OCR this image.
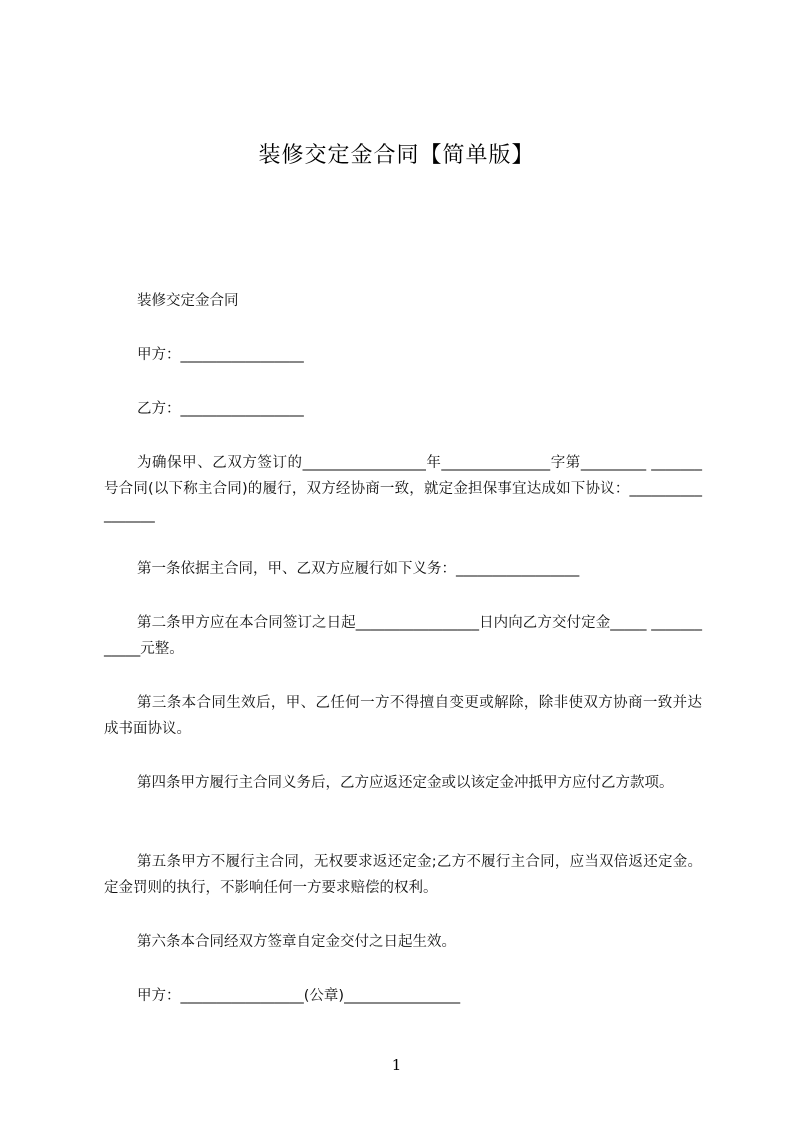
装修交定金合同【简单版】
装修交定金合同
甲方：_________________
乙方：_________________
为确保甲、乙双方签订的_________________年_______________字第_________ _______号合同(以下称主合同)的履行，双方经协商一致，就定金担保事宜达成如下协议：_________________
第一条依据主合同，甲、乙双方应履行如下义务：_________________
第二条甲方应在本合同签订之日起_________________日内向乙方交付定金_____ ____________元整。
第三条本合同生效后，甲、乙任何一方不得擅自变更或解除，除非使双方协商一致并达成书面协议。
第四条甲方履行主合同义务后，乙方应返还定金或以该定金冲抵甲方应付乙方款项。
第五条甲方不履行主合同，无权要求返还定金;乙方不履行主合同，应当双倍返还定金。定金罚则的执行，不影响任何一方要求赔偿的权利。
第六条本合同经双方签章自定金交付之日起生效。
甲方：_________________(公章)________________
1
